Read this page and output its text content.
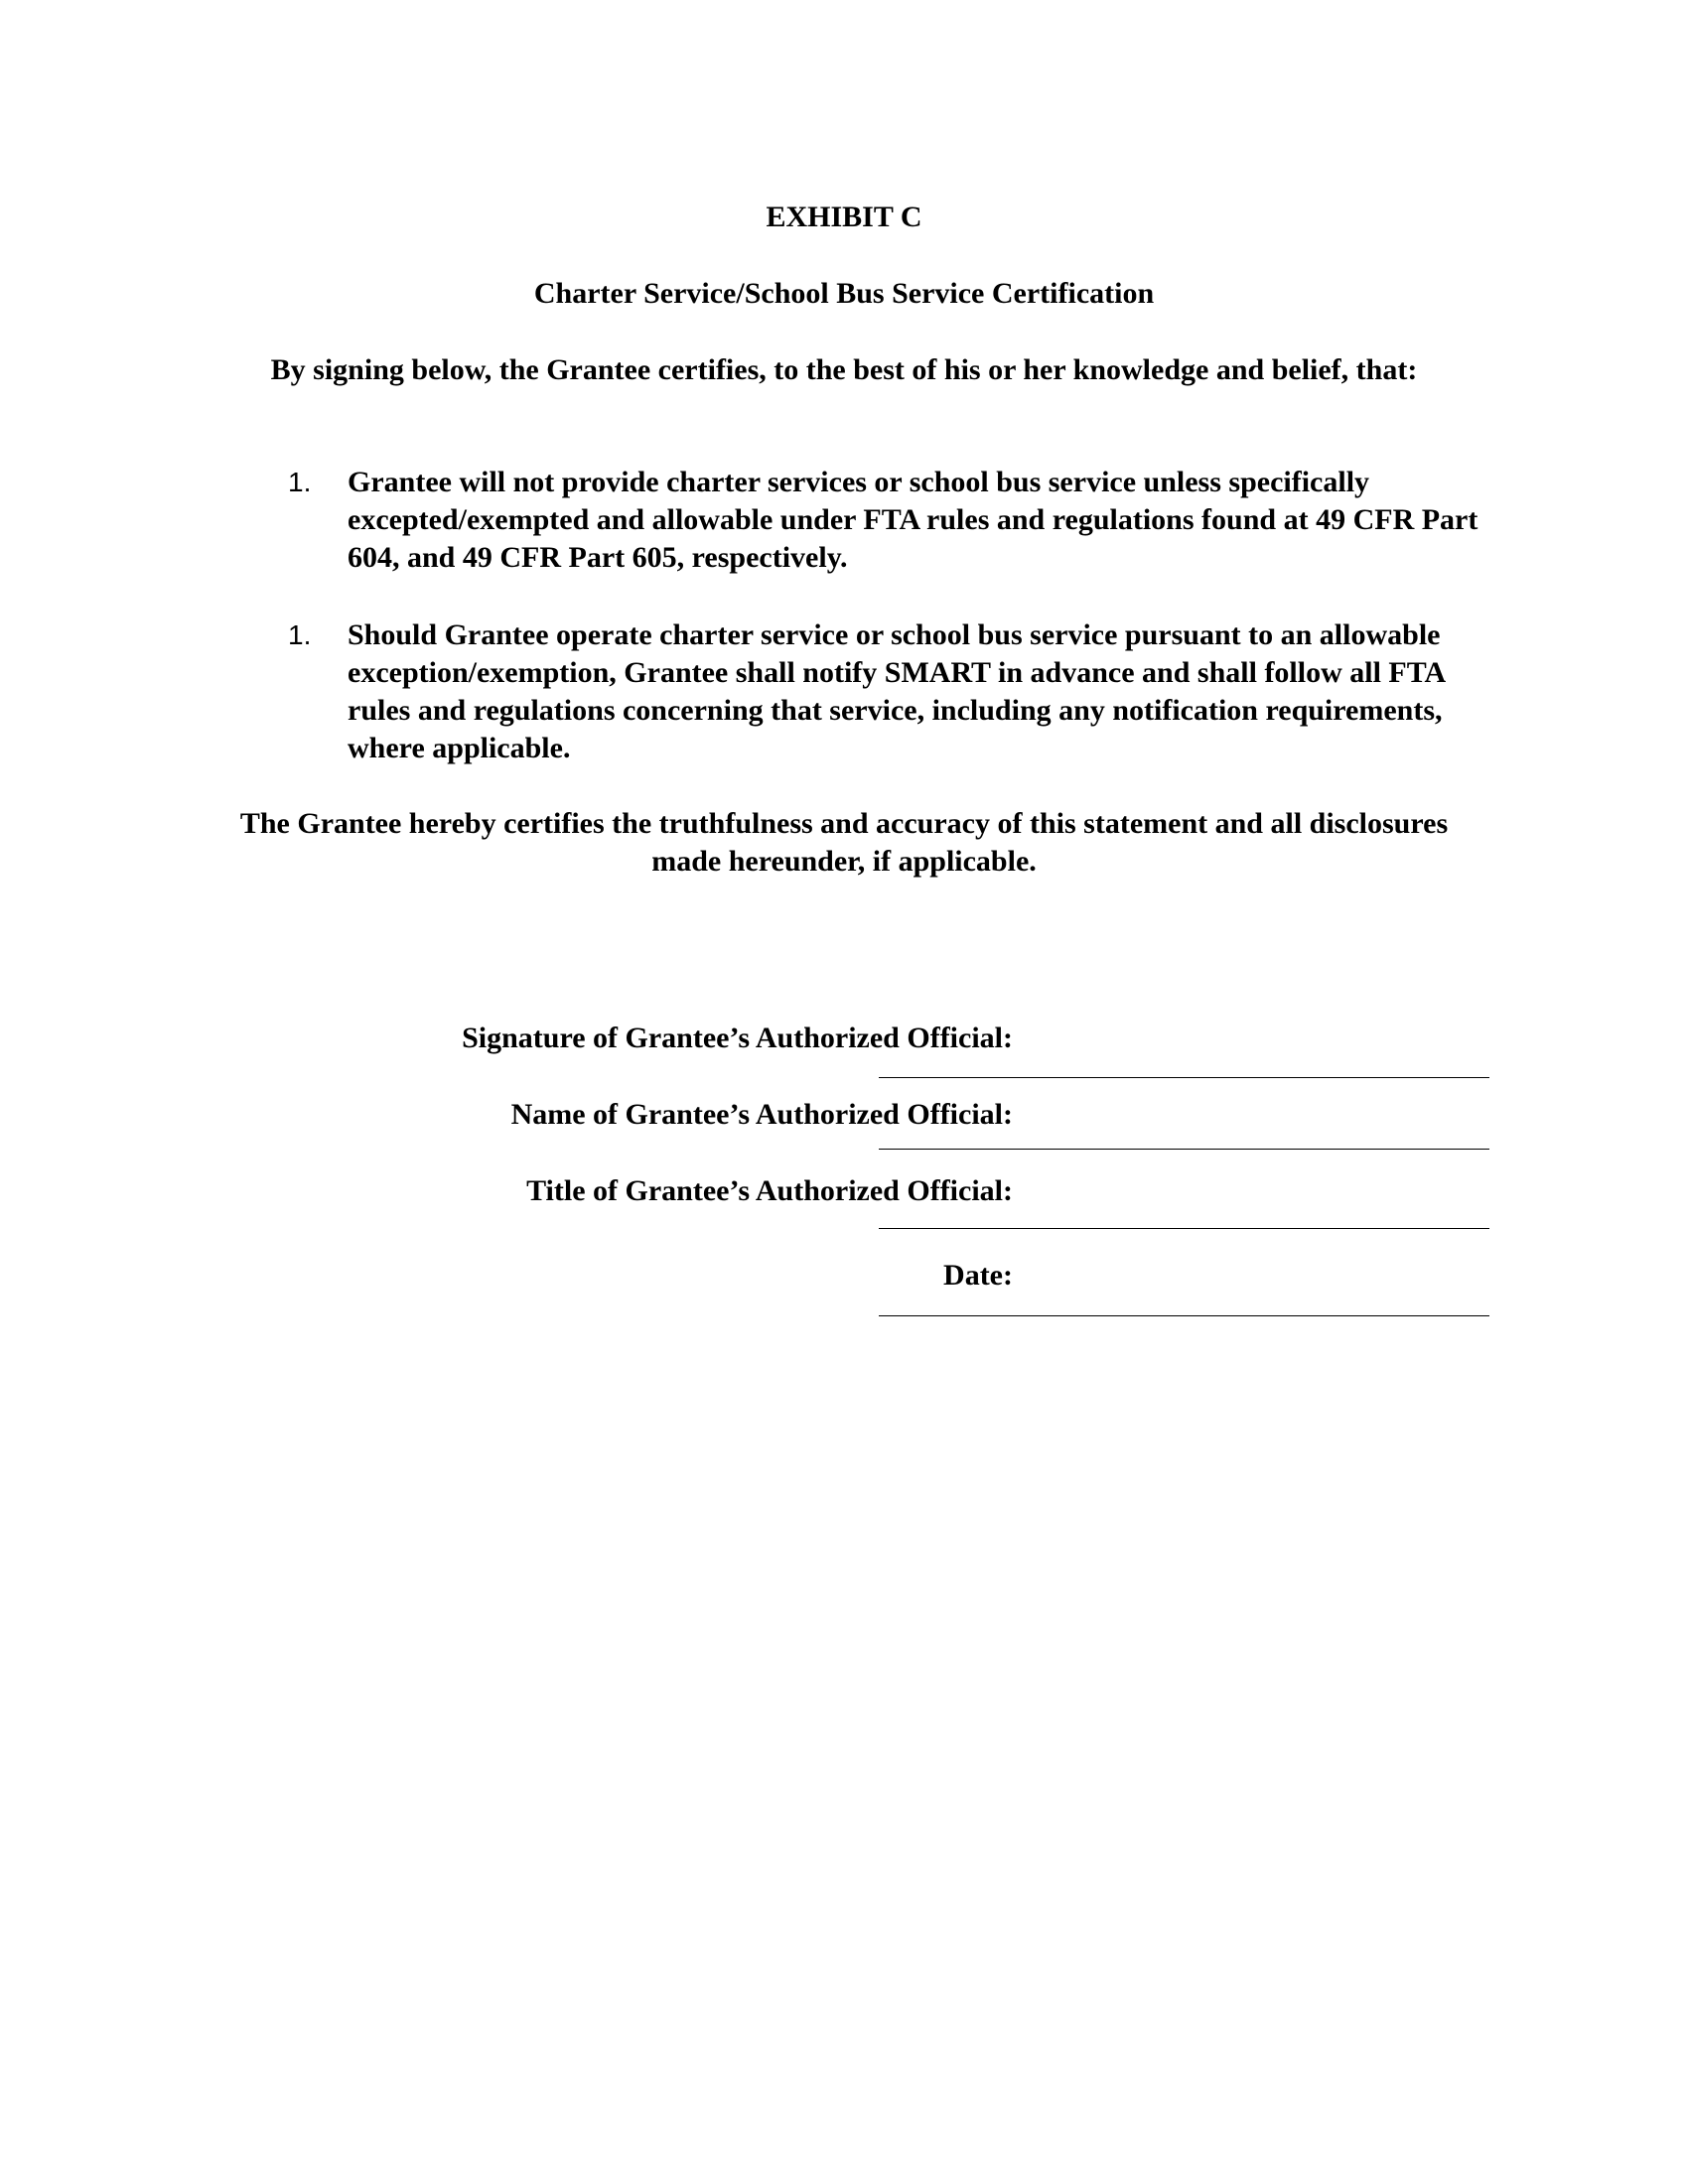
EXHIBIT C
Charter Service/School Bus Service Certification
By signing below, the Grantee certifies, to the best of his or her knowledge and belief, that:
1. Grantee will not provide charter services or school bus service unless specifically excepted/exempted and allowable under FTA rules and regulations found at 49 CFR Part 604, and 49 CFR Part 605, respectively.
1. Should Grantee operate charter service or school bus service pursuant to an allowable exception/exemption, Grantee shall notify SMART in advance and shall follow all FTA rules and regulations concerning that service, including any notification requirements, where applicable.
The Grantee hereby certifies the truthfulness and accuracy of this statement and all disclosures made hereunder, if applicable.
Signature of Grantee’s Authorized Official:
Name of Grantee’s Authorized Official:
Title of Grantee’s Authorized Official:
Date:
